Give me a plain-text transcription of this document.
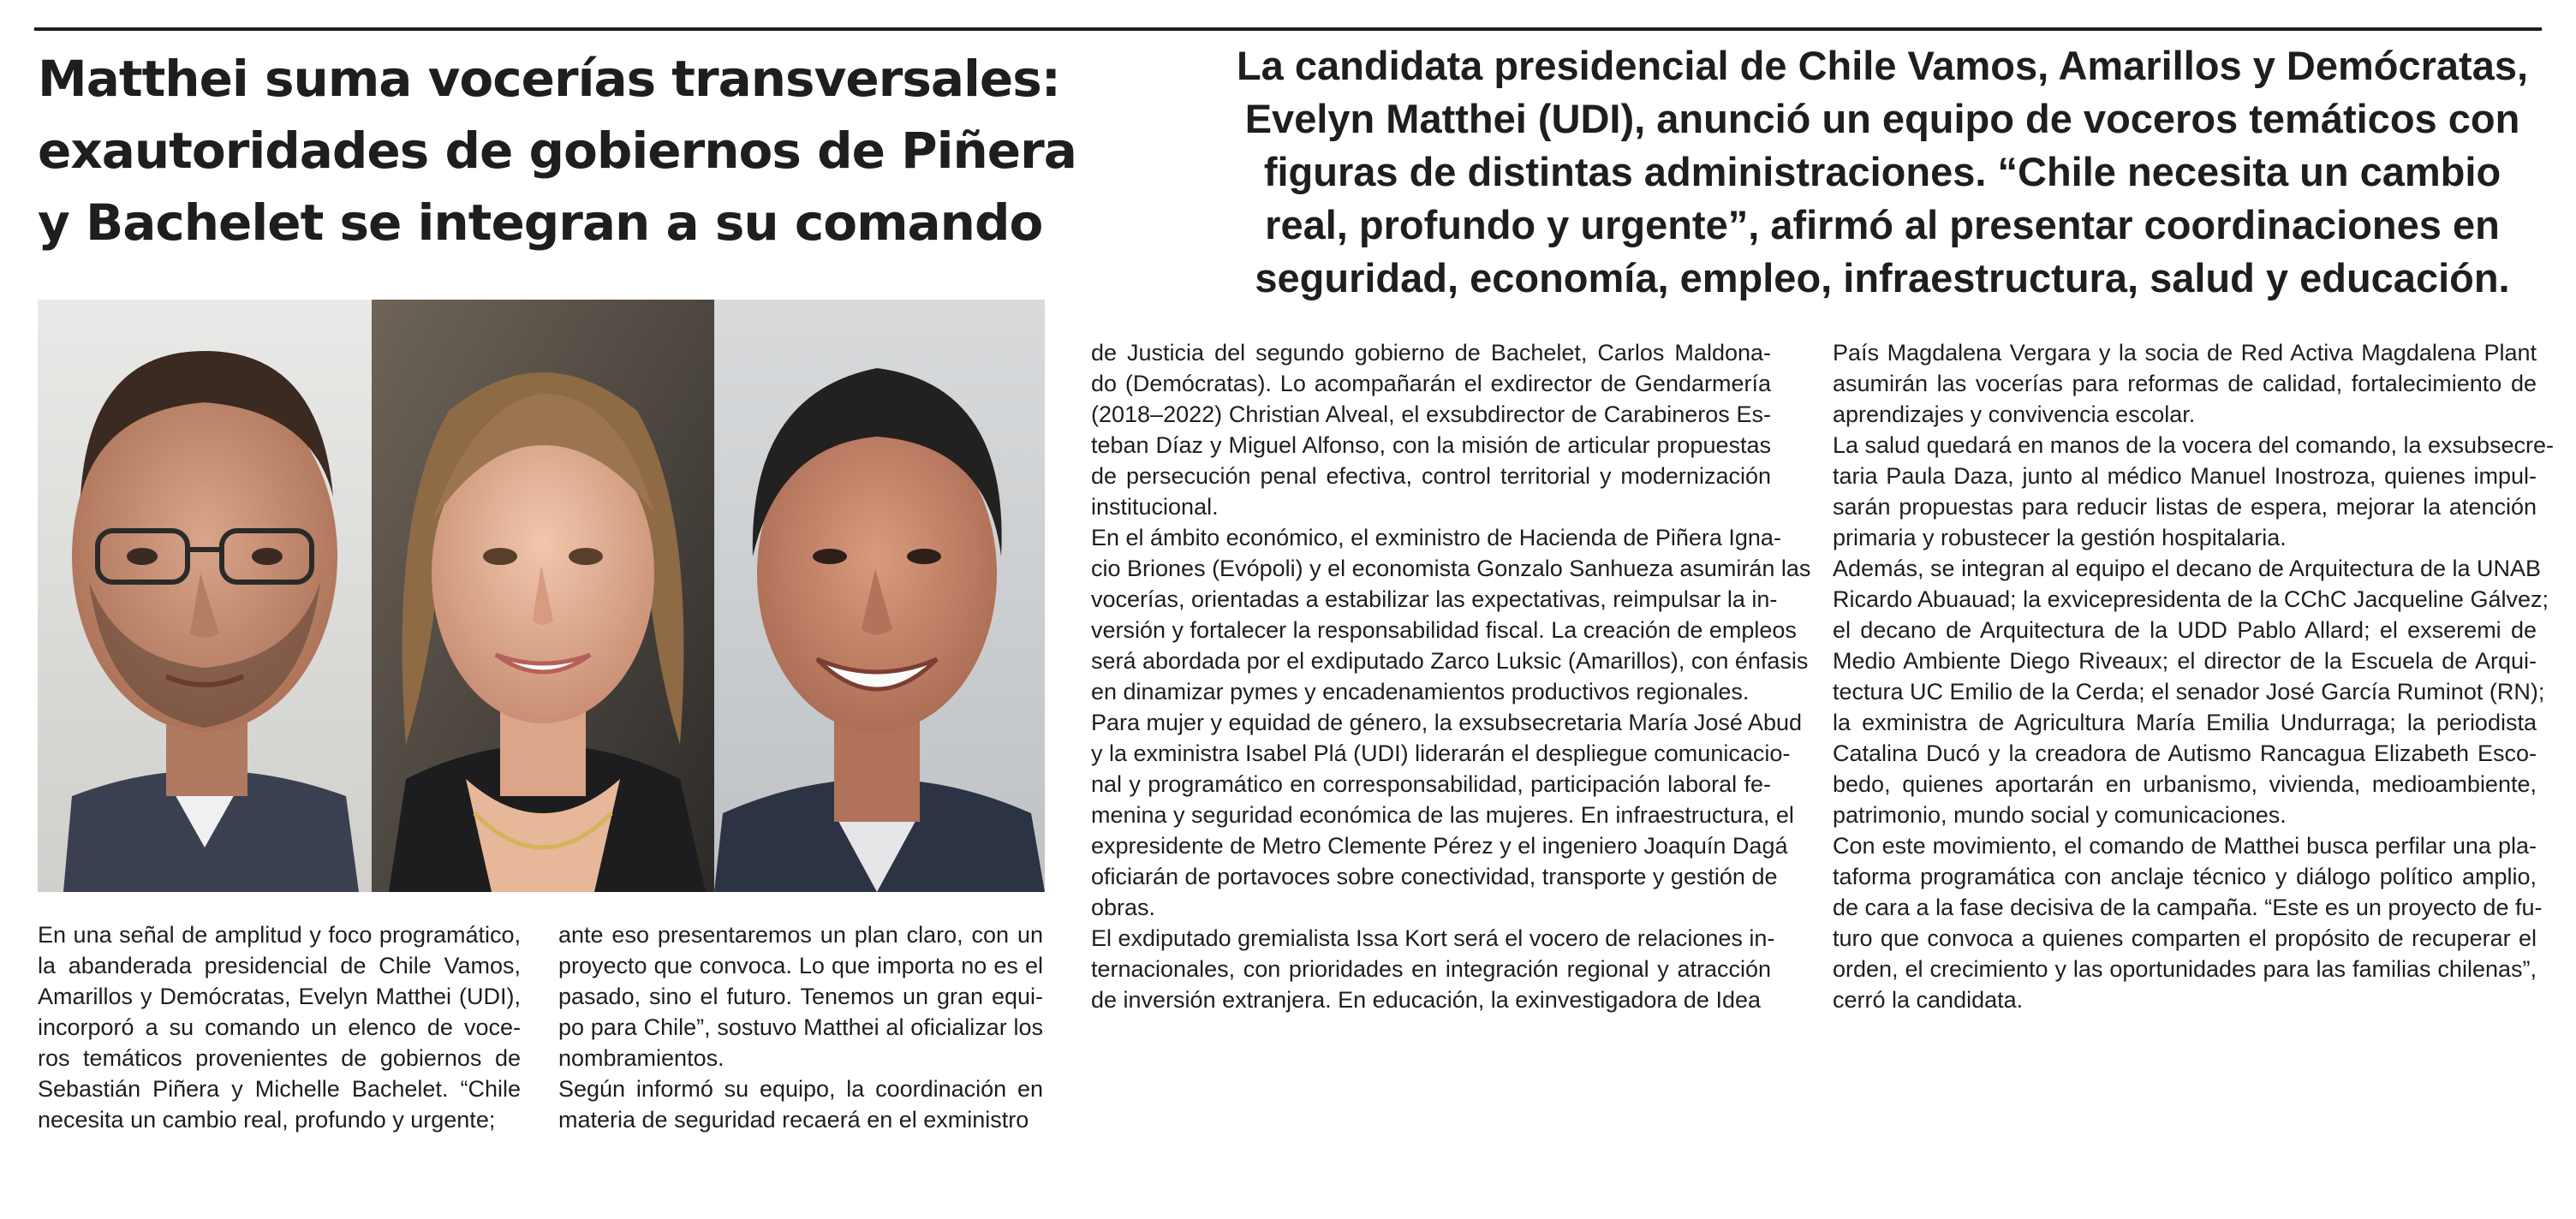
Matthei suma vocerías transversales:
exautoridades de gobiernos de Piñera
y Bachelet se integran a su comando
La candidata presidencial de Chile Vamos, Amarillos y Demócratas,
Evelyn Matthei (UDI), anunció un equipo de voceros temáticos con
figuras de distintas administraciones. “Chile necesita un cambio
real, profundo y urgente”, afirmó al presentar coordinaciones en
seguridad, economía, empleo, infraestructura, salud y educación.
En una señal de amplitud y foco programático,
la abanderada presidencial de Chile Vamos,
Amarillos y Demócratas, Evelyn Matthei (UDI),
incorporó a su comando un elenco de voce-
ros temáticos provenientes de gobiernos de
Sebastián Piñera y Michelle Bachelet. “Chile
necesita un cambio real, profundo y urgente;
ante eso presentaremos un plan claro, con un
proyecto que convoca. Lo que importa no es el
pasado, sino el futuro. Tenemos un gran equi-
po para Chile”, sostuvo Matthei al oficializar los
nombramientos.
Según informó su equipo, la coordinación en
materia de seguridad recaerá en el exministro
de Justicia del segundo gobierno de Bachelet, Carlos Maldona-
do (Demócratas). Lo acompañarán el exdirector de Gendarmería
(2018–2022) Christian Alveal, el exsubdirector de Carabineros Es-
teban Díaz y Miguel Alfonso, con la misión de articular propuestas
de persecución penal efectiva, control territorial y modernización
institucional.
En el ámbito económico, el exministro de Hacienda de Piñera Igna-
cio Briones (Evópoli) y el economista Gonzalo Sanhueza asumirán las
vocerías, orientadas a estabilizar las expectativas, reimpulsar la in-
versión y fortalecer la responsabilidad fiscal. La creación de empleos
será abordada por el exdiputado Zarco Luksic (Amarillos), con énfasis
en dinamizar pymes y encadenamientos productivos regionales.
Para mujer y equidad de género, la exsubsecretaria María José Abud
y la exministra Isabel Plá (UDI) liderarán el despliegue comunicacio-
nal y programático en corresponsabilidad, participación laboral fe-
menina y seguridad económica de las mujeres. En infraestructura, el
expresidente de Metro Clemente Pérez y el ingeniero Joaquín Dagá
oficiarán de portavoces sobre conectividad, transporte y gestión de
obras.
El exdiputado gremialista Issa Kort será el vocero de relaciones in-
ternacionales, con prioridades en integración regional y atracción
de inversión extranjera. En educación, la exinvestigadora de Idea
País Magdalena Vergara y la socia de Red Activa Magdalena Plant
asumirán las vocerías para reformas de calidad, fortalecimiento de
aprendizajes y convivencia escolar.
La salud quedará en manos de la vocera del comando, la exsubsecre-
taria Paula Daza, junto al médico Manuel Inostroza, quienes impul-
sarán propuestas para reducir listas de espera, mejorar la atención
primaria y robustecer la gestión hospitalaria.
Además, se integran al equipo el decano de Arquitectura de la UNAB
Ricardo Abuauad; la exvicepresidenta de la CChC Jacqueline Gálvez;
el decano de Arquitectura de la UDD Pablo Allard; el exseremi de
Medio Ambiente Diego Riveaux; el director de la Escuela de Arqui-
tectura UC Emilio de la Cerda; el senador José García Ruminot (RN);
la exministra de Agricultura María Emilia Undurraga; la periodista
Catalina Ducó y la creadora de Autismo Rancagua Elizabeth Esco-
bedo, quienes aportarán en urbanismo, vivienda, medioambiente,
patrimonio, mundo social y comunicaciones.
Con este movimiento, el comando de Matthei busca perfilar una pla-
taforma programática con anclaje técnico y diálogo político amplio,
de cara a la fase decisiva de la campaña. “Este es un proyecto de fu-
turo que convoca a quienes comparten el propósito de recuperar el
orden, el crecimiento y las oportunidades para las familias chilenas”,
cerró la candidata.
